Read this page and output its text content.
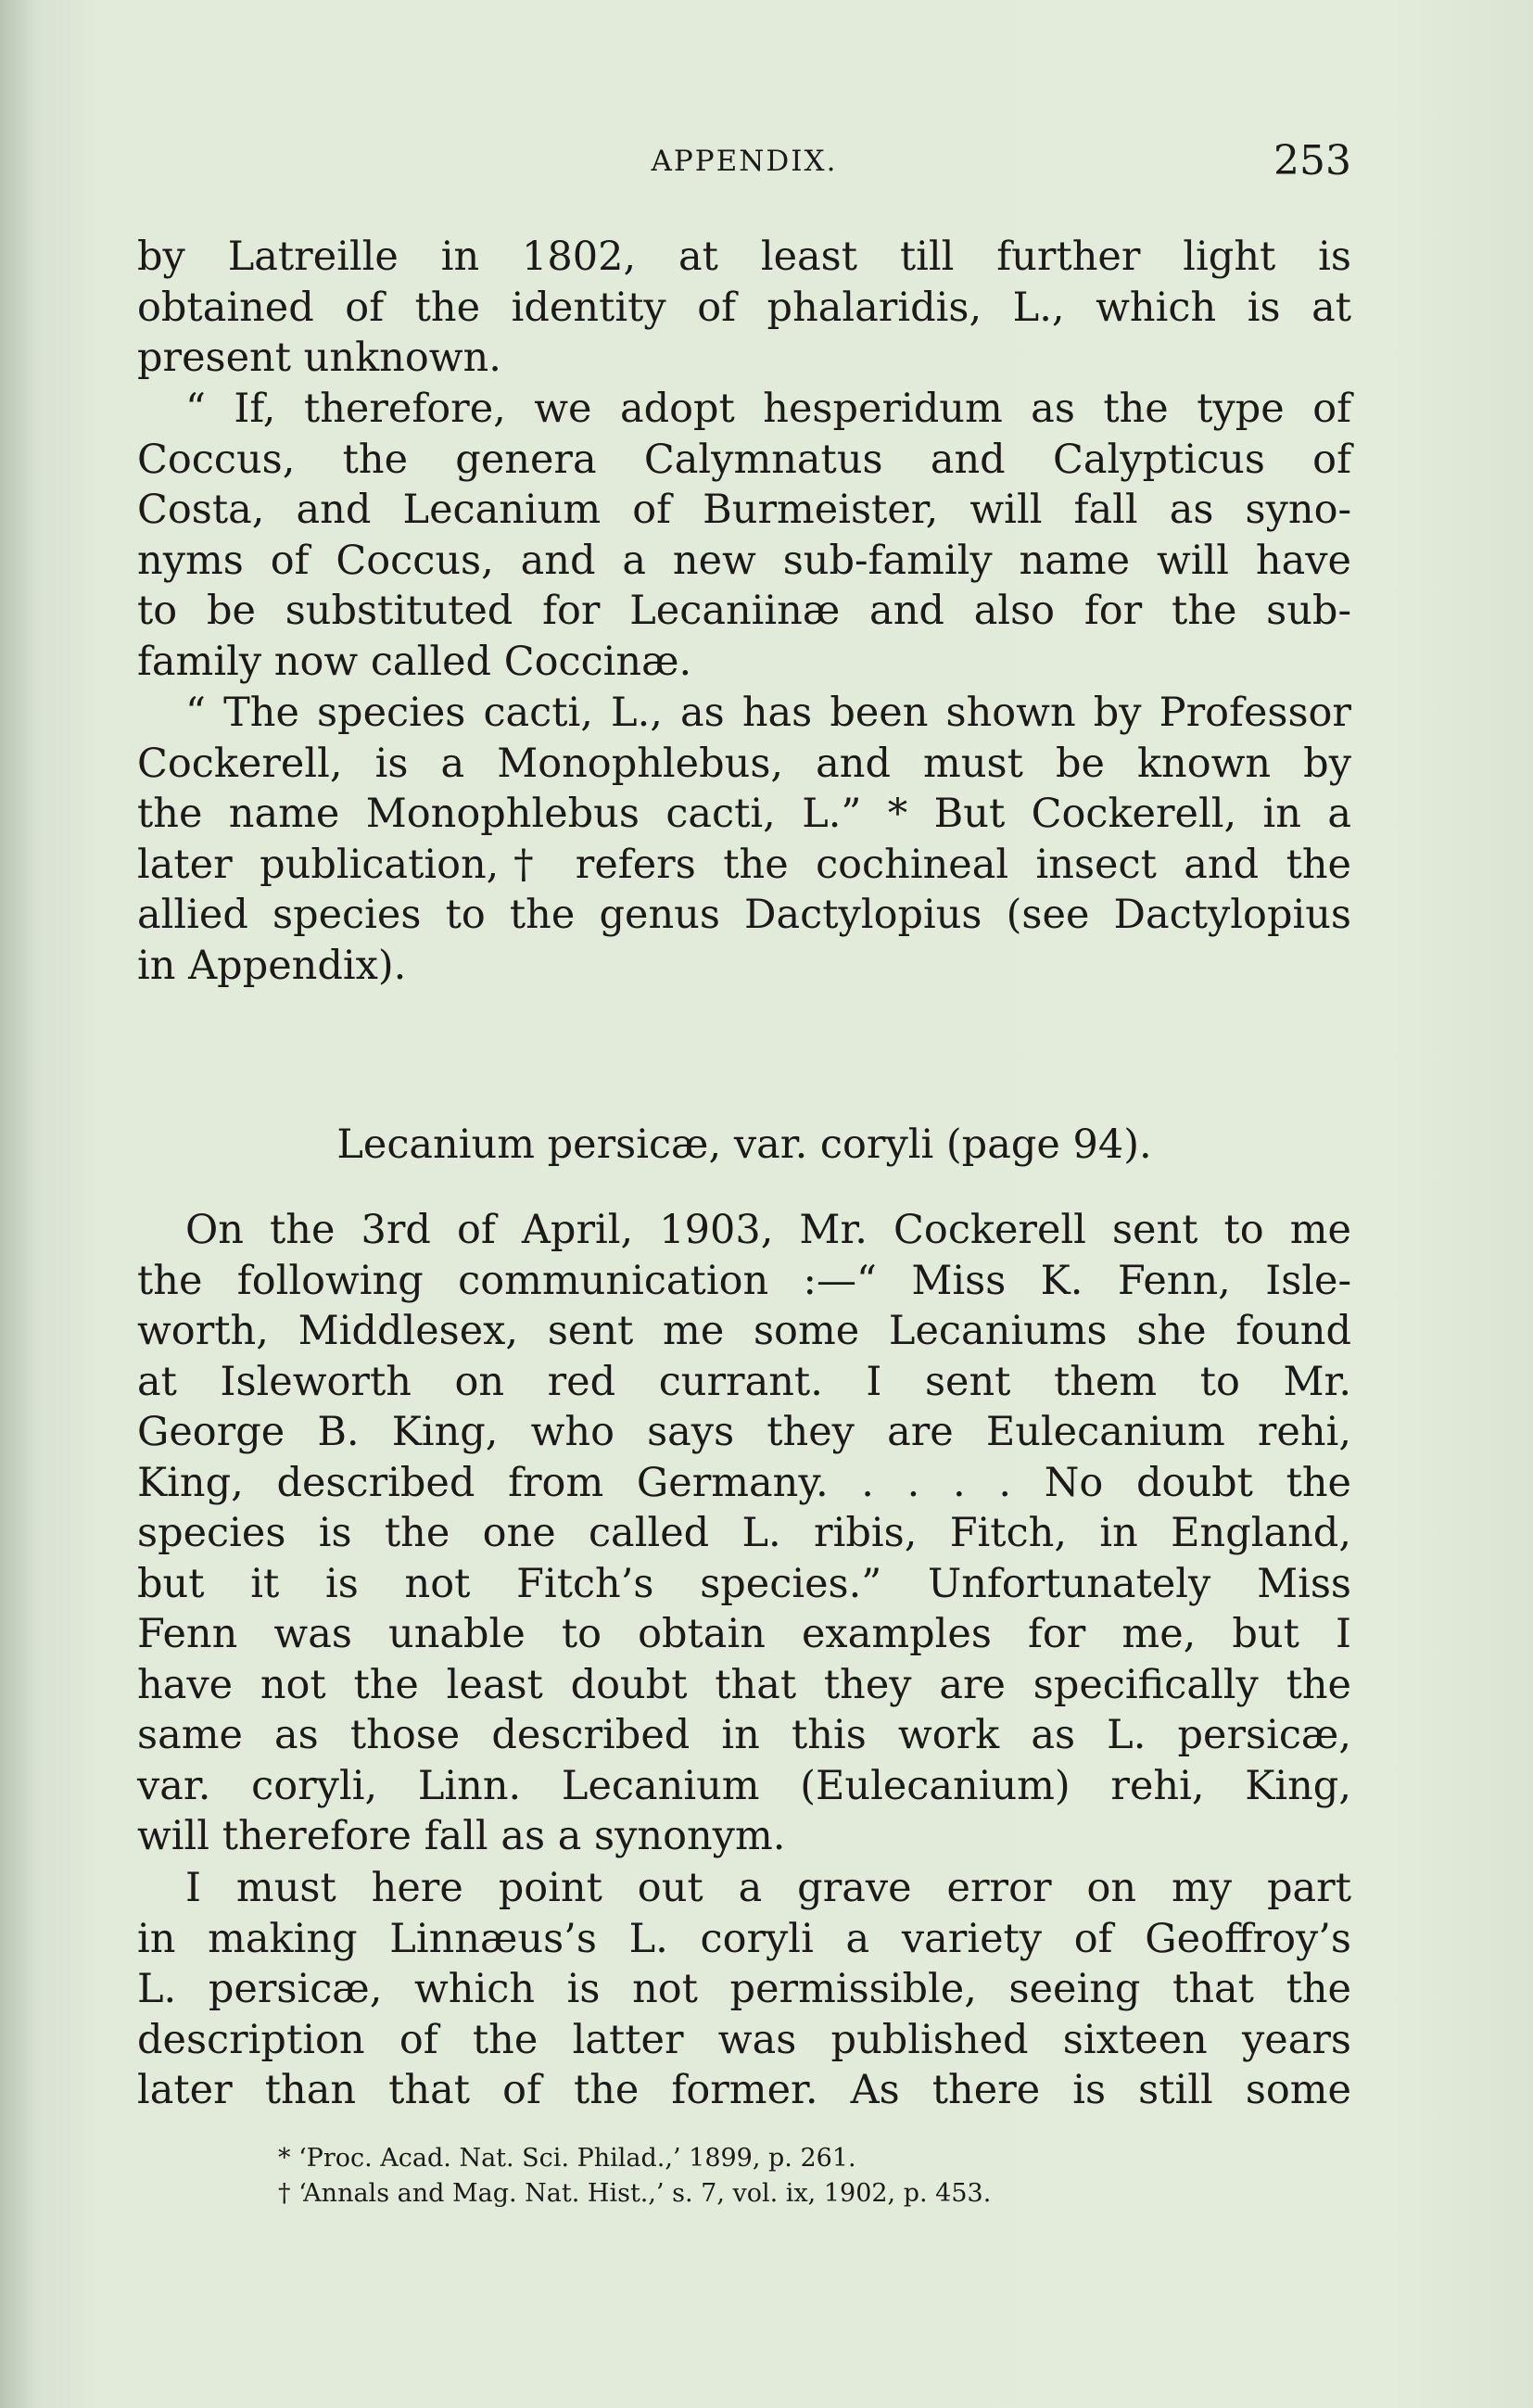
APPENDIX.	253
by Latreille in 1802, at least till further light is
obtained of the identity of phalaridis, L., which is at
present unknown.
“ If, therefore, we adopt hesperidum as the type of
Coccus, the genera Calymnatus and Calypticus of
Costa, and Lecanium of Burmeister, will fall as syno-
nyms of Coccus, and a new sub-family name will have
to be substituted for Lecaniinæ and also for the sub-
family now called Coccinæ.
“ The species cacti, L., as has been shown by Professor
Cockerell, is a Monophlebus, and must be known by
the name Monophlebus cacti, L.” * But Cockerell, in a
later publication,† refers the cochineal insect and the
allied species to the genus Dactylopius (see Dactylopius
in Appendix).
Lecanium persicæ, var. coryli (page 94).
On the 3rd of April, 1903, Mr. Cockerell sent to me
the following communication :—“ Miss K. Fenn, Isle-
worth, Middlesex, sent me some Lecaniums she found
at Isleworth on red currant. I sent them to Mr.
George B. King, who says they are Eulecanium rehi,
King, described from Germany. . . . . No doubt the
species is the one called L. ribis, Fitch, in England,
but it is not Fitch’s species.” Unfortunately Miss
Fenn was unable to obtain examples for me, but I
have not the least doubt that they are specifically the
same as those described in this work as L. persicæ,
var. coryli, Linn. Lecanium (Eulecanium) rehi, King,
will therefore fall as a synonym.
I must here point out a grave error on my part
in making Linnæus’s L. coryli a variety of Geoffroy’s
L. persicæ, which is not permissible, seeing that the
description of the latter was published sixteen years
later than that of the former. As there is still some
* ‘Proc. Acad. Nat. Sci. Philad.,’ 1899, p. 261.
† ‘Annals and Mag. Nat. Hist.,’ s. 7, vol. ix, 1902, p. 453.
